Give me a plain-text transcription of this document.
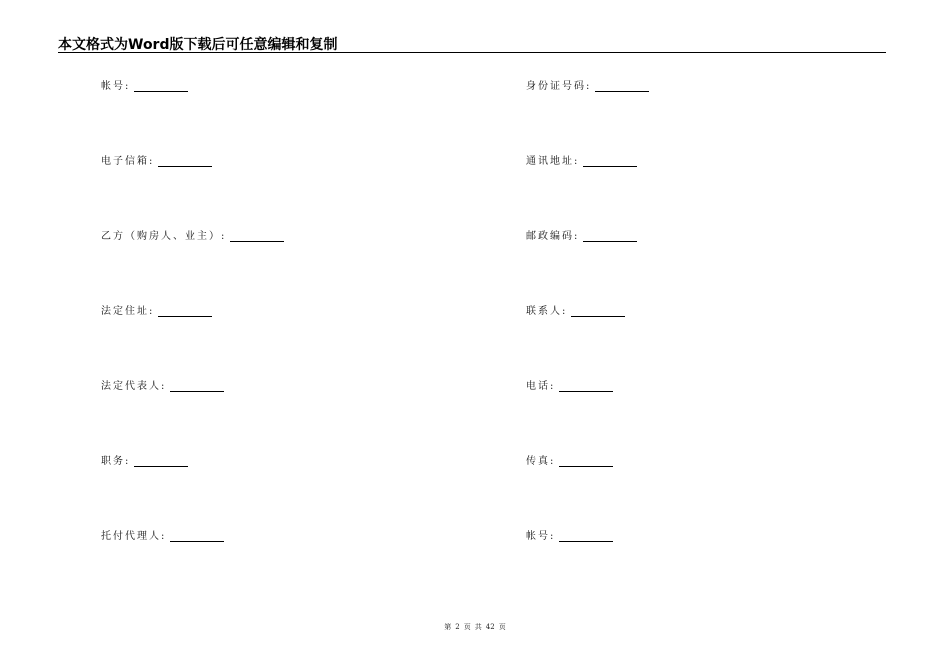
本文格式为Word版下载后可任意编辑和复制
帐号:
电子信箱:
乙方（购房人、业主）:
法定住址:
法定代表人:
职务:
托付代理人:
身份证号码:
通讯地址:
邮政编码:
联系人:
电话:
传真:
帐号:
第 2 页 共 42 页
